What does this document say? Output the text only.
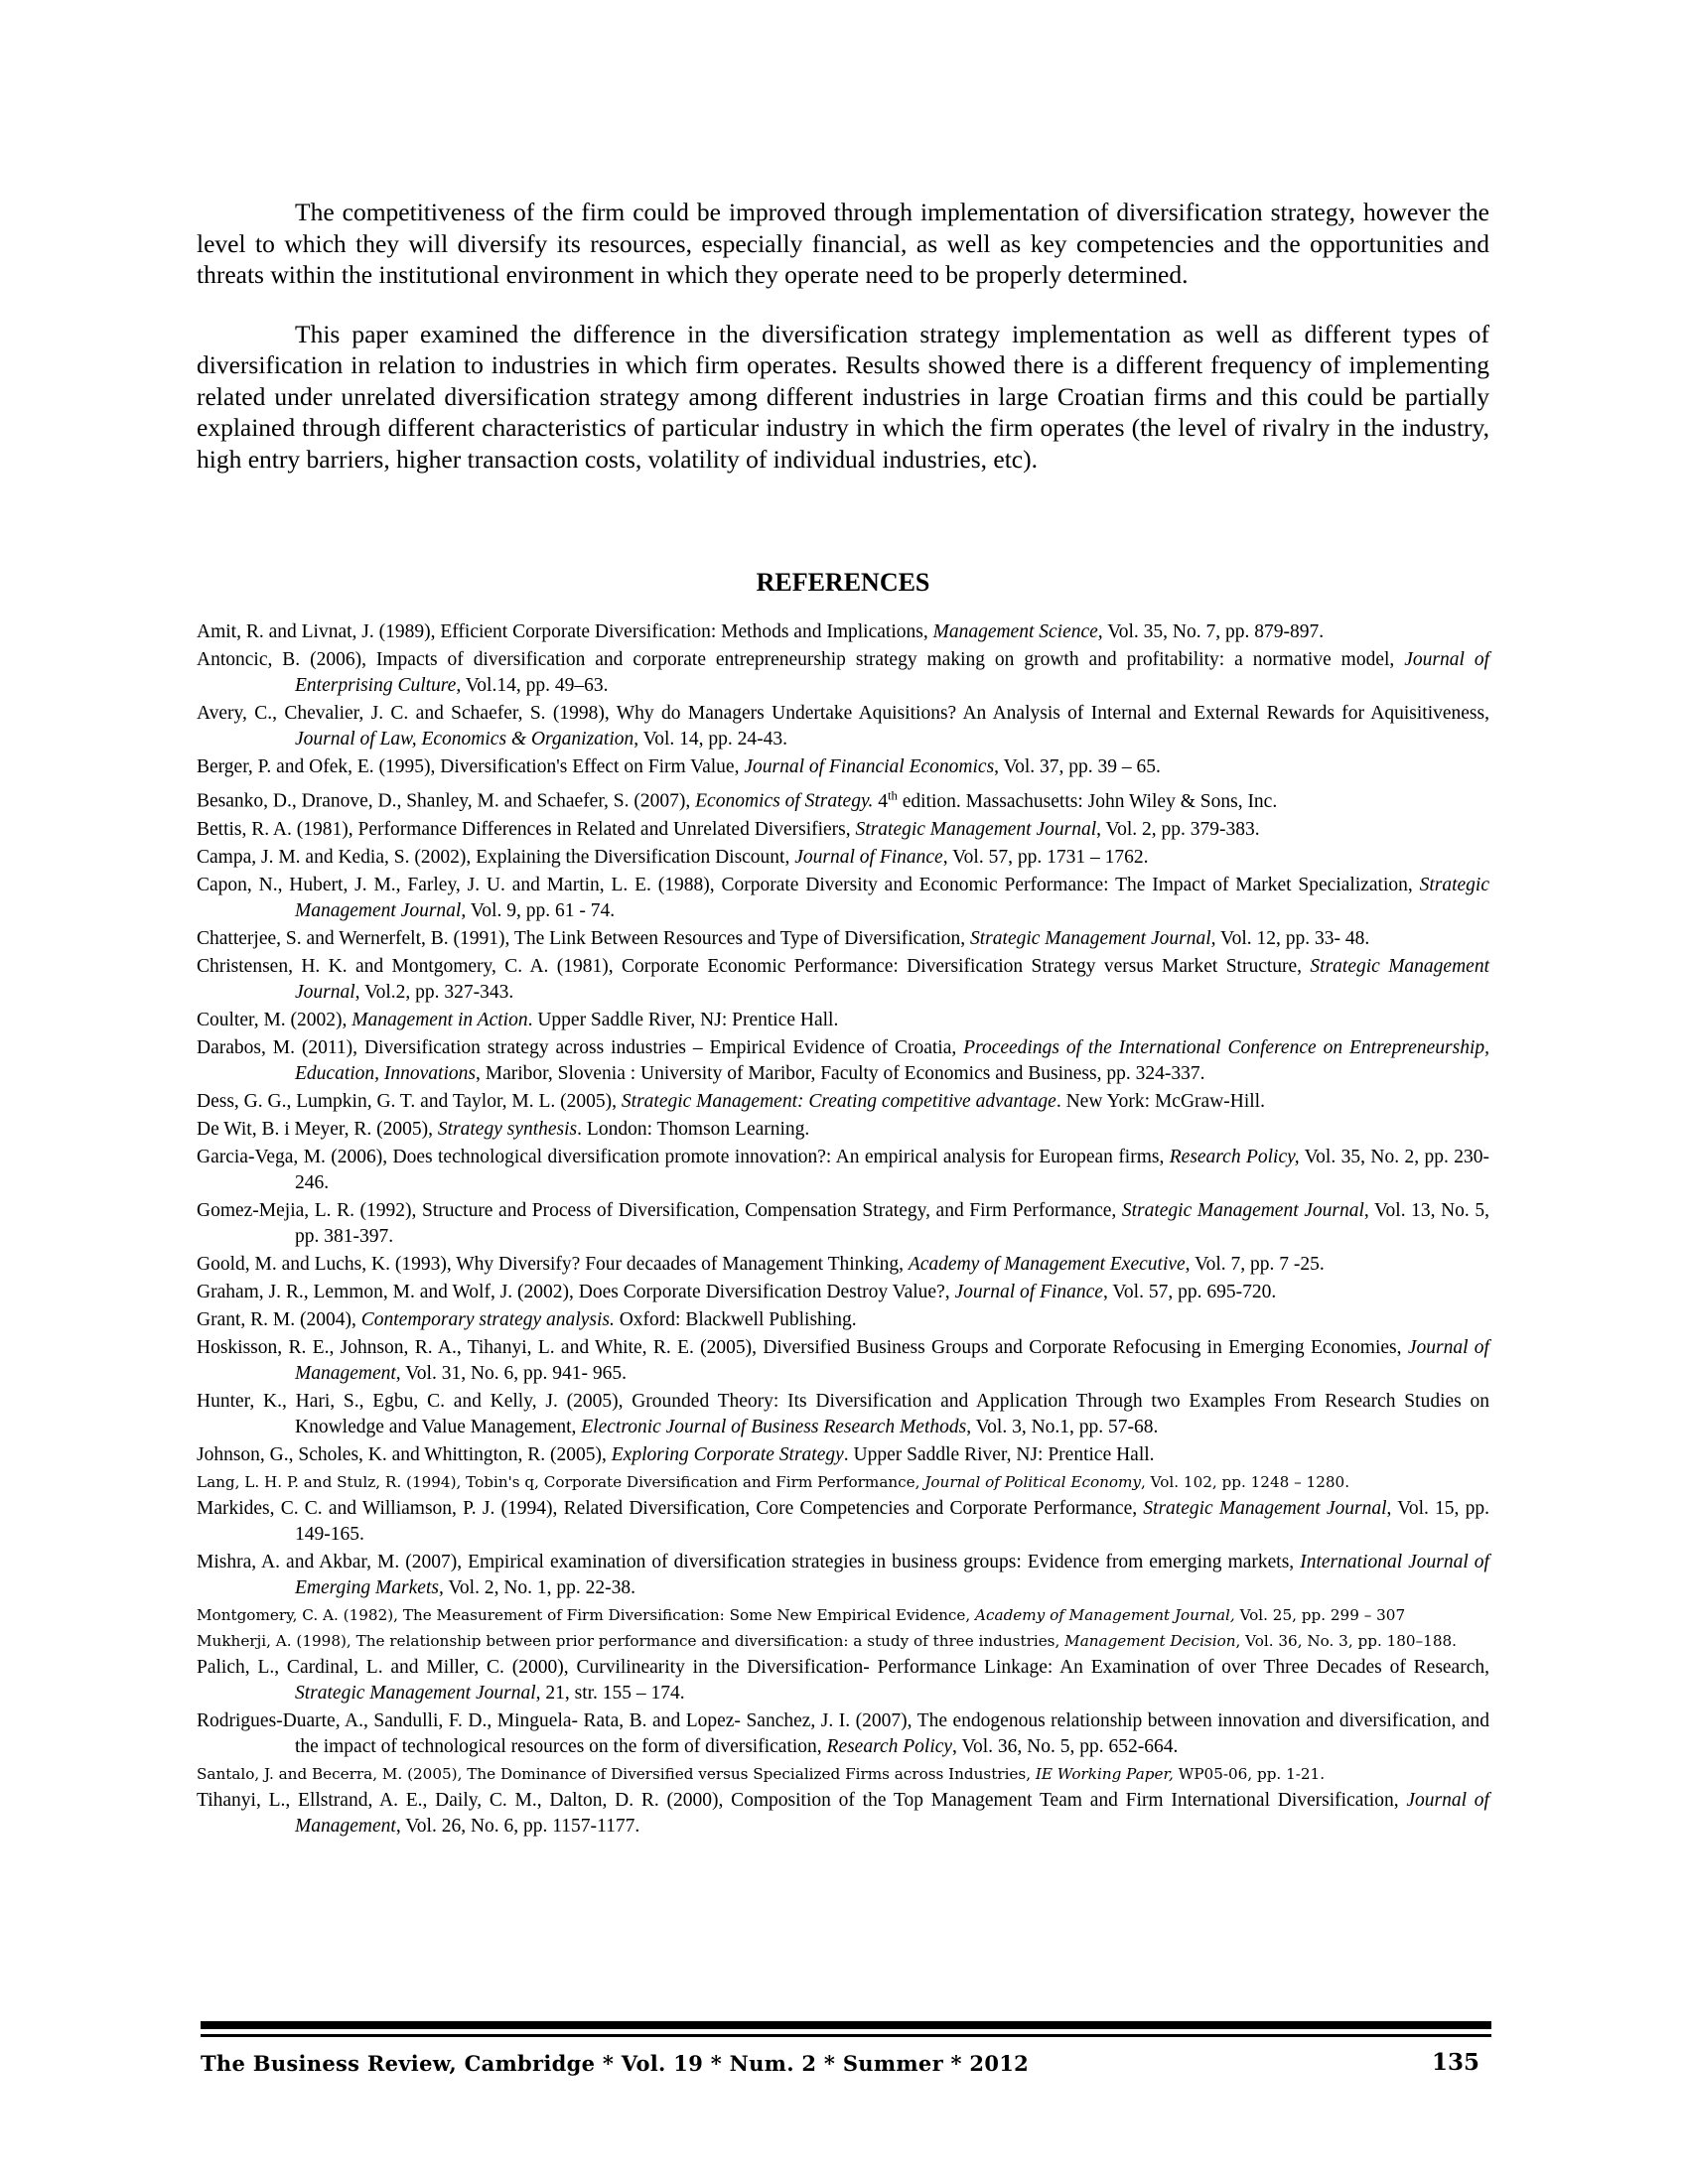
The competitiveness of the firm could be improved through implementation of diversification strategy, however the level to which they will diversify its resources, especially financial, as well as key competencies and the opportunities and threats within the institutional environment in which they operate need to be properly determined.

This paper examined the difference in the diversification strategy implementation as well as different types of diversification in relation to industries in which firm operates. Results showed there is a different frequency of implementing related under unrelated diversification strategy among different industries in large Croatian firms and this could be partially explained through different characteristics of particular industry in which the firm operates (the level of rivalry in the industry, high entry barriers, higher transaction costs, volatility of individual industries, etc).

REFERENCES
Amit, R. and Livnat, J. (1989), Efficient Corporate Diversification: Methods and Implications, Management Science, Vol. 35, No. 7, pp. 879-897.
Antoncic, B. (2006), Impacts of diversification and corporate entrepreneurship strategy making on growth and profitability: a normative model, Journal of Enterprising Culture, Vol.14, pp. 49–63.
Avery, C., Chevalier, J. C. and Schaefer, S. (1998), Why do Managers Undertake Aquisitions? An Analysis of Internal and External Rewards for Aquisitiveness, Journal of Law, Economics & Organization, Vol. 14, pp. 24-43.
Berger, P. and Ofek, E. (1995), Diversification's Effect on Firm Value, Journal of Financial Economics, Vol. 37, pp. 39 – 65.
Besanko, D., Dranove, D., Shanley, M. and Schaefer, S. (2007), Economics of Strategy. 4th edition. Massachusetts: John Wiley & Sons, Inc.
Bettis, R. A. (1981), Performance Differences in Related and Unrelated Diversifiers, Strategic Management Journal, Vol. 2, pp. 379-383.
Campa, J. M. and Kedia, S. (2002), Explaining the Diversification Discount, Journal of Finance, Vol. 57, pp. 1731 – 1762.
Capon, N., Hubert, J. M., Farley, J. U. and Martin, L. E. (1988), Corporate Diversity and Economic Performance: The Impact of Market Specialization, Strategic Management Journal, Vol. 9, pp. 61 - 74.
Chatterjee, S. and Wernerfelt, B. (1991), The Link Between Resources and Type of Diversification, Strategic Management Journal, Vol. 12, pp. 33- 48.
Christensen, H. K. and Montgomery, C. A. (1981), Corporate Economic Performance: Diversification Strategy versus Market Structure, Strategic Management Journal, Vol.2, pp. 327-343.
Coulter, M. (2002), Management in Action. Upper Saddle River, NJ: Prentice Hall.
Darabos, M. (2011), Diversification strategy across industries – Empirical Evidence of Croatia, Proceedings of the International Conference on Entrepreneurship, Education, Innovations, Maribor, Slovenia : University of Maribor, Faculty of Economics and Business, pp. 324-337.
Dess, G. G., Lumpkin, G. T. and Taylor, M. L. (2005), Strategic Management: Creating competitive advantage. New York: McGraw-Hill.
De Wit, B. i Meyer, R. (2005), Strategy synthesis. London: Thomson Learning.
Garcia-Vega, M. (2006), Does technological diversification promote innovation?: An empirical analysis for European firms, Research Policy, Vol. 35, No. 2, pp. 230-246.
Gomez-Mejia, L. R. (1992), Structure and Process of Diversification, Compensation Strategy, and Firm Performance, Strategic Management Journal, Vol. 13, No. 5, pp. 381-397.
Goold, M. and Luchs, K. (1993), Why Diversify? Four decaades of Management Thinking, Academy of Management Executive, Vol. 7, pp. 7 -25.
Graham, J. R., Lemmon, M. and Wolf, J. (2002), Does Corporate Diversification Destroy Value?, Journal of Finance, Vol. 57, pp. 695-720.
Grant, R. M. (2004), Contemporary strategy analysis. Oxford: Blackwell Publishing.
Hoskisson, R. E., Johnson, R. A., Tihanyi, L. and White, R. E. (2005), Diversified Business Groups and Corporate Refocusing in Emerging Economies, Journal of Management, Vol. 31, No. 6, pp. 941- 965.
Hunter, K., Hari, S., Egbu, C. and Kelly, J. (2005), Grounded Theory: Its Diversification and Application Through two Examples From Research Studies on Knowledge and Value Management, Electronic Journal of Business Research Methods, Vol. 3, No.1, pp. 57-68.
Johnson, G., Scholes, K. and Whittington, R. (2005), Exploring Corporate Strategy. Upper Saddle River, NJ: Prentice Hall.
Lang, L. H. P. and Stulz, R. (1994), Tobin's q, Corporate Diversification and Firm Performance, Journal of Political Economy, Vol. 102, pp. 1248 – 1280.
Markides, C. C. and Williamson, P. J. (1994), Related Diversification, Core Competencies and Corporate Performance, Strategic Management Journal, Vol. 15, pp. 149-165.
Mishra, A. and Akbar, M. (2007), Empirical examination of diversification strategies in business groups: Evidence from emerging markets, International Journal of Emerging Markets, Vol. 2, No. 1, pp. 22-38.
Montgomery, C. A. (1982), The Measurement of Firm Diversification: Some New Empirical Evidence, Academy of Management Journal, Vol. 25, pp. 299 – 307
Mukherji, A. (1998), The relationship between prior performance and diversification: a study of three industries, Management Decision, Vol. 36, No. 3, pp. 180–188.
Palich, L., Cardinal, L. and Miller, C. (2000), Curvilinearity in the Diversification- Performance Linkage: An Examination of over Three Decades of Research, Strategic Management Journal, 21, str. 155 – 174.
Rodrigues-Duarte, A., Sandulli, F. D., Minguela- Rata, B. and Lopez- Sanchez, J. I. (2007), The endogenous relationship between innovation and diversification, and the impact of technological resources on the form of diversification, Research Policy, Vol. 36, No. 5, pp. 652-664.
Santalo, J. and Becerra, M. (2005), The Dominance of Diversified versus Specialized Firms across Industries, IE Working Paper, WP05-06, pp. 1-21.
Tihanyi, L., Ellstrand, A. E., Daily, C. M., Dalton, D. R. (2000), Composition of the Top Management Team and Firm International Diversification, Journal of Management, Vol. 26, No. 6, pp. 1157-1177.
The Business Review, Cambridge * Vol. 19 * Num. 2 * Summer * 2012	135
